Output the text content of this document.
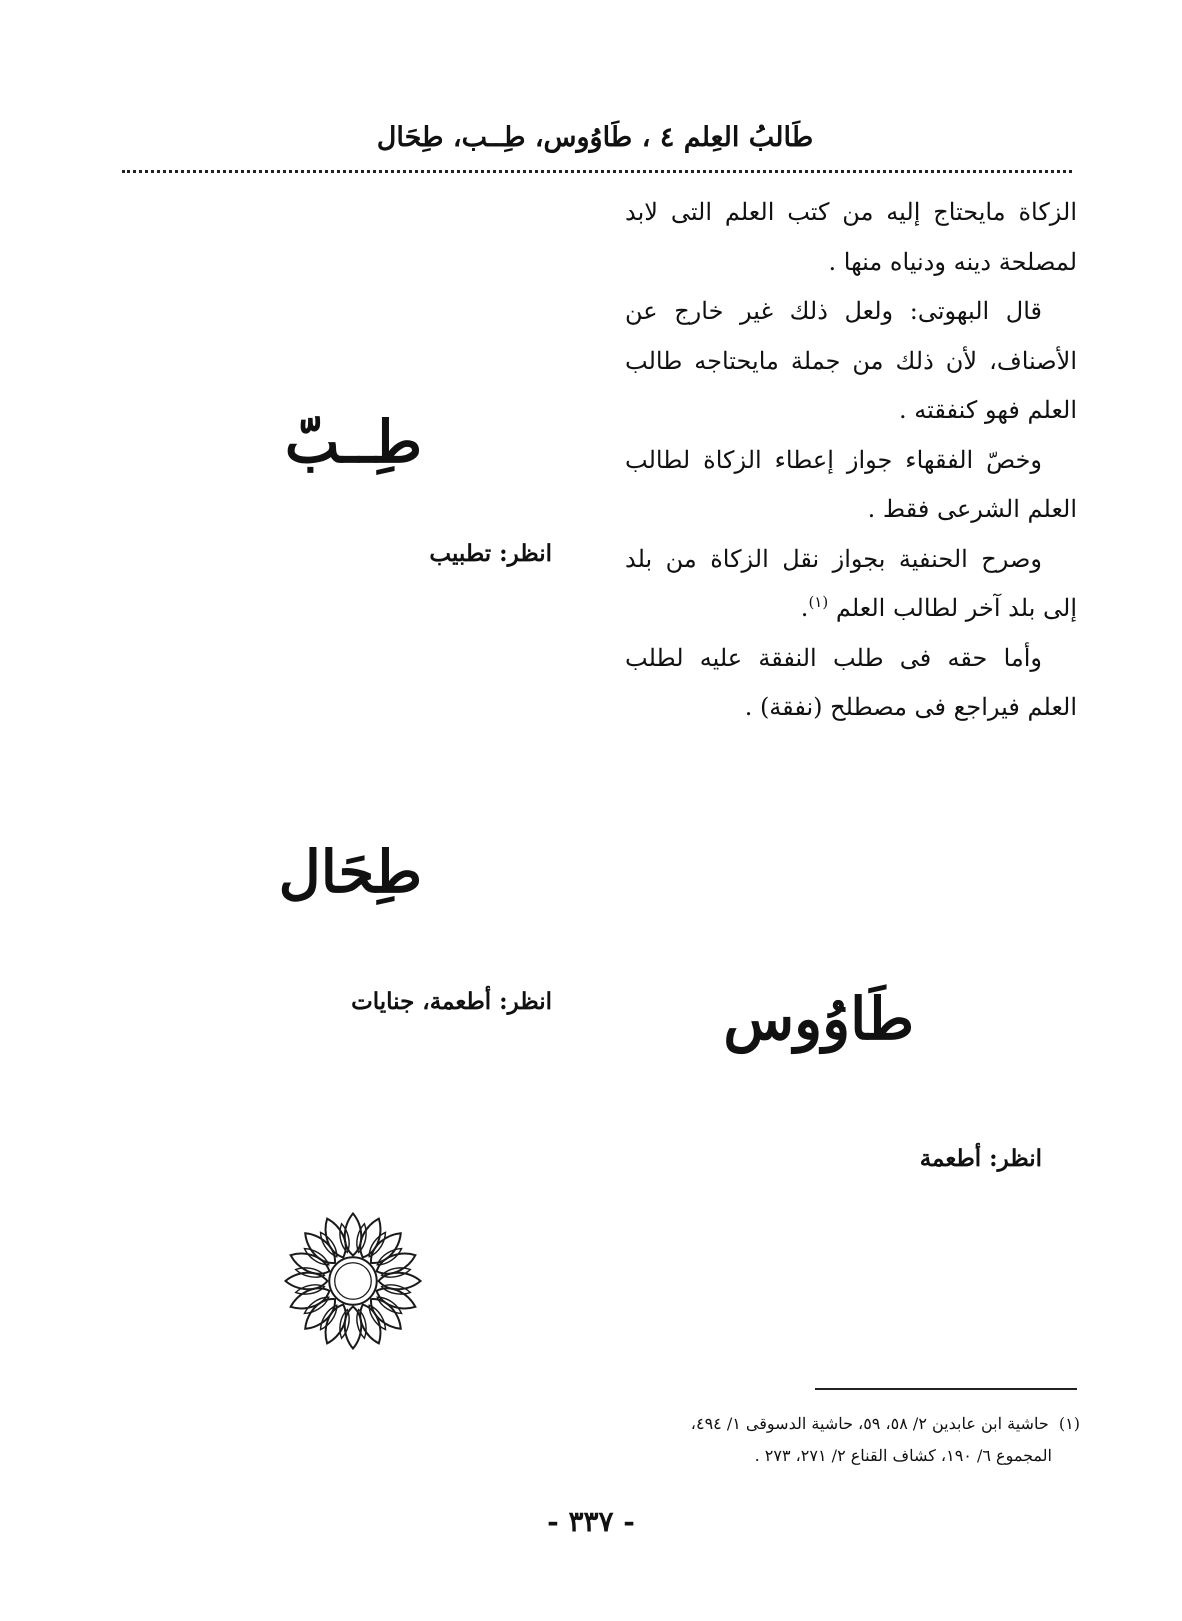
طَالبُ العِلم ٤ ، طَاوُوس، طِــب، طِحَال

الزكاة مايحتاج إليه من كتب العلم التى لابد لمصلحة دينه ودنياه منها .

قال البهوتى: ولعل ذلك غير خارج عن الأصناف، لأن ذلك من جملة مايحتاجه طالب العلم فهو كنفقته .

وخصّ الفقهاء جواز إعطاء الزكاة لطالب العلم الشرعى فقط .

وصرح الحنفية بجواز نقل الزكاة من بلد إلى بلد آخر لطالب العلم $^{(١)}$.

وأما حقه فى طلب النفقة عليه لطلب العلم فيراجع فى مصطلح (نفقة) .

طِــبّ
انظر: تطبيب
طِحَال
انظر: أطعمة، جنايات	طَاوُوس
انظر: أطعمة
(١)  حاشية ابن عابدين ٢/ ٥٨، ٥٩، حاشية الدسوقى ١/ ٤٩٤،
المجموع ٦/ ١٩٠، كشاف القناع ٢/ ٢٧١، ٢٧٣ .
- ٣٣٧ -
